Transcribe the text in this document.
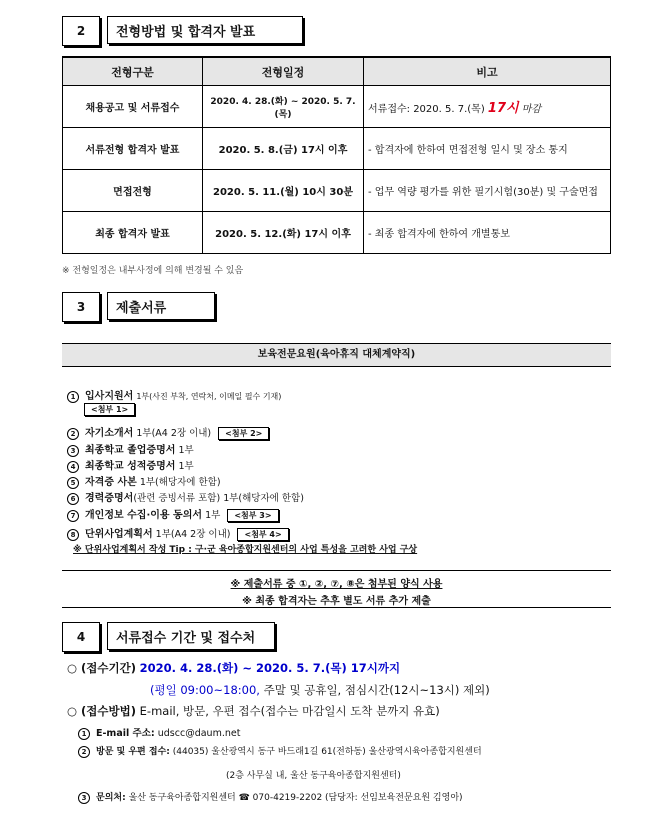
2	전형방법 및 합격자 발표
전형구분	전형일정	비고
채용공고 및 서류접수	2020. 4. 28.(화) ~ 2020. 5. 7.(목)	서류접수: 2020. 5. 7.(목) 17시 마감
서류전형 합격자 발표	2020. 5. 8.(금) 17시 이후	- 합격자에 한하여 면접전형 일시 및 장소 통지
면접전형	2020. 5. 11.(월) 10시 30분	- 업무 역량 평가를 위한 필기시험(30분) 및 구술면접
최종 합격자 발표	2020. 5. 12.(화) 17시 이후	- 최종 합격자에 한하여 개별통보
※ 전형일정은 내부사정에 의해 변경될 수 있음
3	제출서류
보육전문요원(육아휴직 대체계약직)
1 입사지원서 1부(사진 부착, 연락처, 이메일 필수 기재)
<첨부 1>
2 자기소개서 1부(A4 2장 이내) <첨부 2>
3 최종학교 졸업증명서 1부
4 최종학교 성적증명서 1부
5 자격증 사본 1부(해당자에 한함)
6 경력증명서(관련 증빙서류 포함) 1부(해당자에 한함)
7 개인정보 수집·이용 동의서 1부 <첨부 3>
8 단위사업계획서 1부(A4 2장 이내) <첨부 4>
※ 단위사업계획서 작성 Tip : 구·군 육아종합지원센터의 사업 특성을 고려한 사업 구상
※ 제출서류 중 ①, ②, ⑦, ⑧은 첨부된 양식 사용
※ 최종 합격자는 추후 별도 서류 추가 제출
4	서류접수 기간 및 접수처
○ (접수기간) 2020. 4. 28.(화) ~ 2020. 5. 7.(목) 17시까지
(평일 09:00~18:00, 주말 및 공휴일, 점심시간(12시~13시) 제외)
○ (접수방법) E-mail, 방문, 우편 접수(접수는 마감일시 도착 분까지 유효)
1 E-mail 주소: udscc@daum.net
2 방문 및 우편 접수: (44035) 울산광역시 동구 바드래1길 61(전하동) 울산광역시육아종합지원센터
(2층 사무실 내, 울산 동구육아종합지원센터)
3 문의처: 울산 동구육아종합지원센터 ☎ 070-4219-2202 (담당자: 선임보육전문요원 김영아)
